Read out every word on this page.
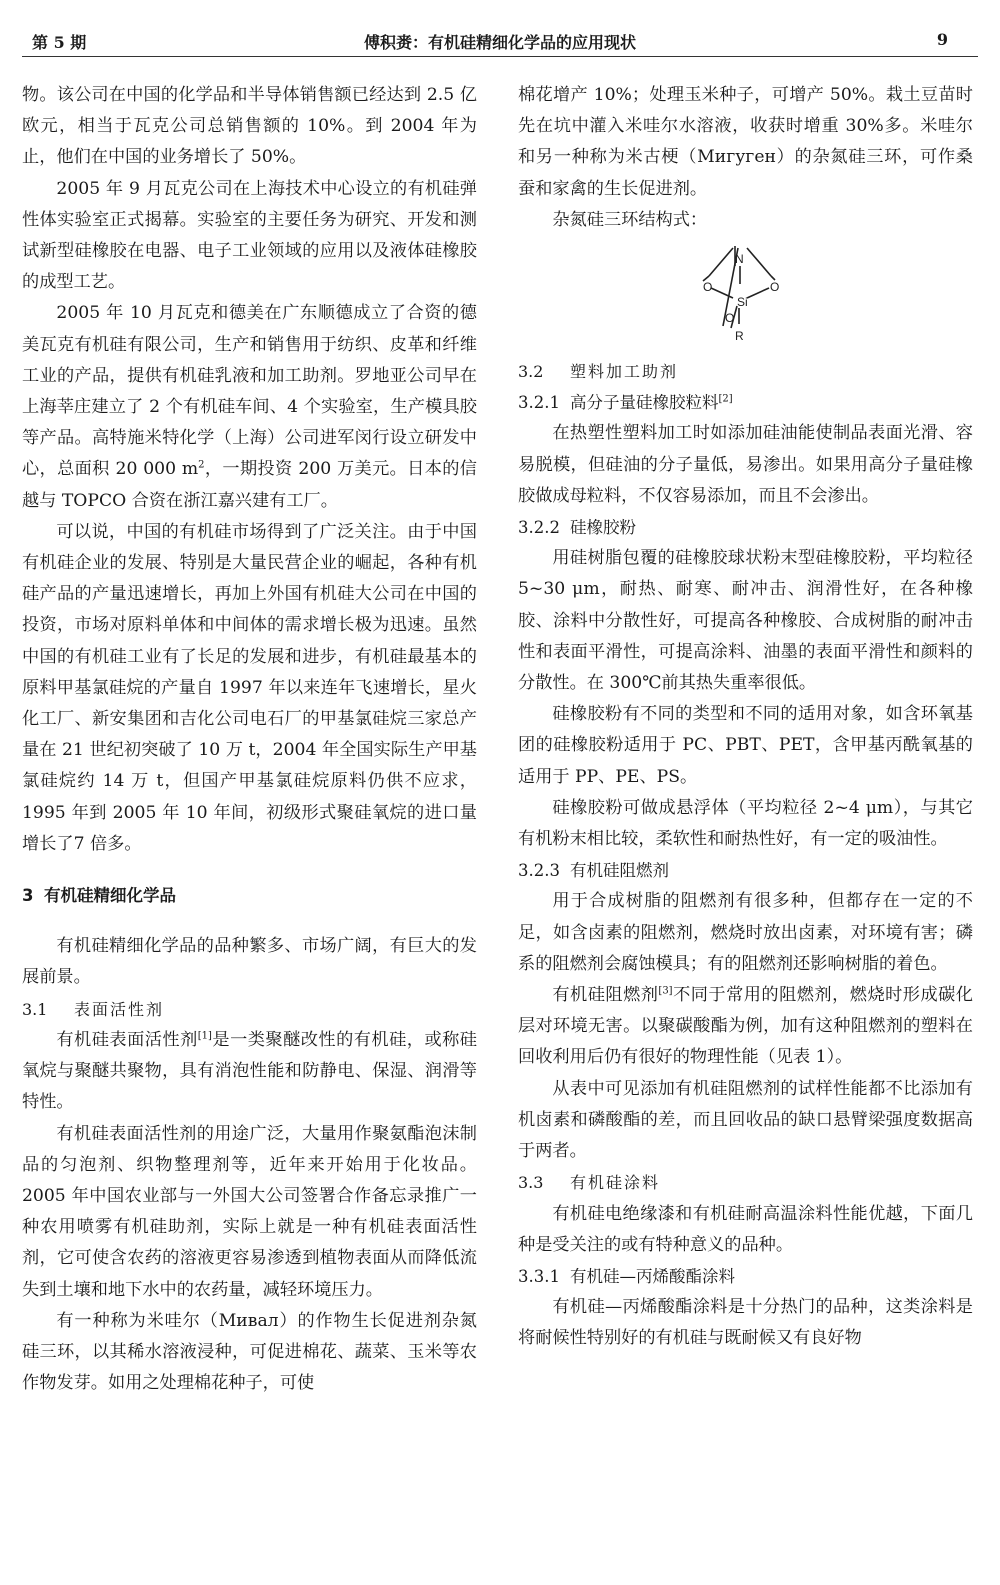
第 5 期	傅积赉：有机硅精细化学品的应用现状	9

物。该公司在中国的化学品和半导体销售额已经达到 2.5 亿欧元，相当于瓦克公司总销售额的 10%。到 2004 年为止，他们在中国的业务增长了 50%。

2005 年 9 月瓦克公司在上海技术中心设立的有机硅弹性体实验室正式揭幕。实验室的主要任务为研究、开发和测试新型硅橡胶在电器、电子工业领域的应用以及液体硅橡胶的成型工艺。

2005 年 10 月瓦克和德美在广东顺德成立了合资的德美瓦克有机硅有限公司，生产和销售用于纺织、皮革和纤维工业的产品，提供有机硅乳液和加工助剂。罗地亚公司早在上海莘庄建立了 2 个有机硅车间、4 个实验室，生产模具胶等产品。高特施米特化学（上海）公司进军闵行设立研发中心，总面积 20 000 $m^2$，一期投资 200 万美元。日本的信越与 TOPCO 合资在浙江嘉兴建有工厂。

可以说，中国的有机硅市场得到了广泛关注。由于中国有机硅企业的发展、特别是大量民营企业的崛起，各种有机硅产品的产量迅速增长，再加上外国有机硅大公司在中国的投资，市场对原料单体和中间体的需求增长极为迅速。虽然中国的有机硅工业有了长足的发展和进步，有机硅最基本的原料甲基氯硅烷的产量自 1997 年以来连年飞速增长，星火化工厂、新安集团和吉化公司电石厂的甲基氯硅烷三家总产量在 21 世纪初突破了 10 万 t，2004 年全国实际生产甲基氯硅烷约 14 万 t，但国产甲基氯硅烷原料仍供不应求，1995 年到 2005 年 10 年间，初级形式聚硅氧烷的进口量增长了7 倍多。

3 有机硅精细化学品

有机硅精细化学品的品种繁多、市场广阔，有巨大的发展前景。

3.1 表面活性剂

有机硅表面活性剂[1]是一类聚醚改性的有机硅，或称硅氧烷与聚醚共聚物，具有消泡性能和防静电、保湿、润滑等特性。

有机硅表面活性剂的用途广泛，大量用作聚氨酯泡沫制品的匀泡剂、织物整理剂等，近年来开始用于化妆品。2005 年中国农业部与一外国大公司签署合作备忘录推广一种农用喷雾有机硅助剂，实际上就是一种有机硅表面活性剂，它可使含农药的溶液更容易渗透到植物表面从而降低流失到土壤和地下水中的农药量，减轻环境压力。

有一种称为米哇尔（Мивал）的作物生长促进剂杂氮硅三环，以其稀水溶液浸种，可促进棉花、蔬菜、玉米等农作物发芽。如用之处理棉花种子，可使

棉花增产 10%；处理玉米种子，可增产 50%。栽土豆苗时先在坑中灌入米哇尔水溶液，收获时增重 30%多。米哇尔和另一种称为米古梗（Мигуген）的杂氮硅三环，可作桑蚕和家禽的生长促进剂。

杂氮硅三环结构式：

N
Si
O	O
O
R
3.2 塑料加工助剂
3.2.1 高分子量硅橡胶粒料[2]

在热塑性塑料加工时如添加硅油能使制品表面光滑、容易脱模，但硅油的分子量低，易渗出。如果用高分子量硅橡胶做成母粒料，不仅容易添加，而且不会渗出。

3.2.2 硅橡胶粉

用硅树脂包覆的硅橡胶球状粉末型硅橡胶粉，平均粒径 5~30 μm，耐热、耐寒、耐冲击、润滑性好，在各种橡胶、涂料中分散性好，可提高各种橡胶、合成树脂的耐冲击性和表面平滑性，可提高涂料、油墨的表面平滑性和颜料的分散性。在 300℃前其热失重率很低。

硅橡胶粉有不同的类型和不同的适用对象，如含环氧基团的硅橡胶粉适用于 PC、PBT、PET，含甲基丙酰氧基的适用于 PP、PE、PS。

硅橡胶粉可做成悬浮体（平均粒径 2~4 μm），与其它有机粉末相比较，柔软性和耐热性好，有一定的吸油性。

3.2.3 有机硅阻燃剂

用于合成树脂的阻燃剂有很多种，但都存在一定的不足，如含卤素的阻燃剂，燃烧时放出卤素，对环境有害；磷系的阻燃剂会腐蚀模具；有的阻燃剂还影响树脂的着色。

有机硅阻燃剂[3]不同于常用的阻燃剂，燃烧时形成碳化层对环境无害。以聚碳酸酯为例，加有这种阻燃剂的塑料在回收利用后仍有很好的物理性能（见表 1）。

从表中可见添加有机硅阻燃剂的试样性能都不比添加有机卤素和磷酸酯的差，而且回收品的缺口悬臂梁强度数据高于两者。

3.3 有机硅涂料

有机硅电绝缘漆和有机硅耐高温涂料性能优越，下面几种是受关注的或有特种意义的品种。

3.3.1 有机硅—丙烯酸酯涂料

有机硅—丙烯酸酯涂料是十分热门的品种，这类涂料是将耐候性特别好的有机硅与既耐候又有良好物
